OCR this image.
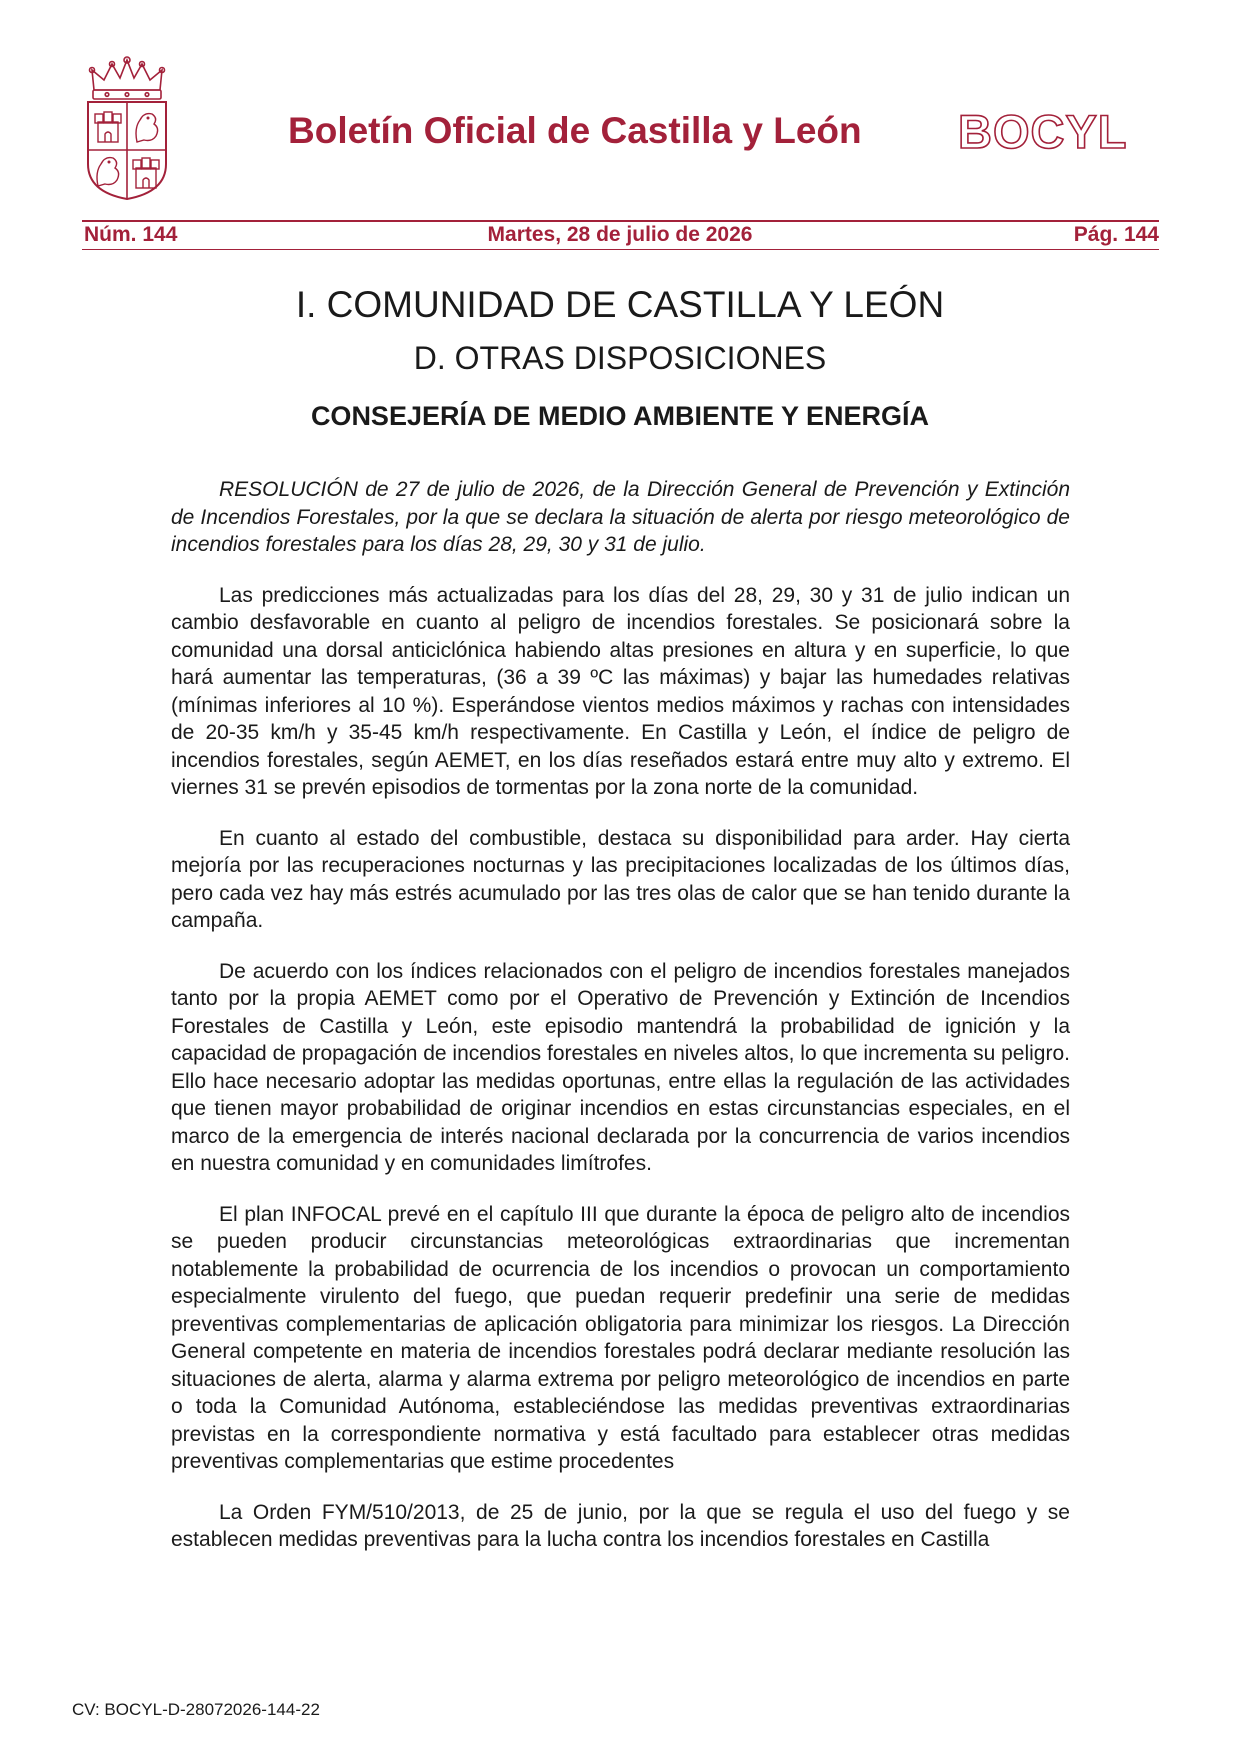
Boletín Oficial de Castilla y León BOCYL
Núm. 144	Martes, 28 de julio de 2026	Pág. 144
I. COMUNIDAD DE CASTILLA Y LEÓN
D. OTRAS DISPOSICIONES
CONSEJERÍA DE MEDIO AMBIENTE Y ENERGÍA

RESOLUCIÓN de 27 de julio de 2026, de la Dirección General de Prevención y Extinción de Incendios Forestales, por la que se declara la situación de alerta por riesgo meteorológico de incendios forestales para los días 28, 29, 30 y 31 de julio.

Las predicciones más actualizadas para los días del 28, 29, 30 y 31 de julio indican un cambio desfavorable en cuanto al peligro de incendios forestales. Se posicionará sobre la comunidad una dorsal anticiclónica habiendo altas presiones en altura y en superficie, lo que hará aumentar las temperaturas, (36 a 39 ºC las máximas) y bajar las humedades relativas (mínimas inferiores al 10 %). Esperándose vientos medios máximos y rachas con intensidades de 20-35 km/h y 35-45 km/h respectivamente. En Castilla y León, el índice de peligro de incendios forestales, según AEMET, en los días reseñados estará entre muy alto y extremo. El viernes 31 se prevén episodios de tormentas por la zona norte de la comunidad.

En cuanto al estado del combustible, destaca su disponibilidad para arder. Hay cierta mejoría por las recuperaciones nocturnas y las precipitaciones localizadas de los últimos días, pero cada vez hay más estrés acumulado por las tres olas de calor que se han tenido durante la campaña.

De acuerdo con los índices relacionados con el peligro de incendios forestales manejados tanto por la propia AEMET como por el Operativo de Prevención y Extinción de Incendios Forestales de Castilla y León, este episodio mantendrá la probabilidad de ignición y la capacidad de propagación de incendios forestales en niveles altos, lo que incrementa su peligro. Ello hace necesario adoptar las medidas oportunas, entre ellas la regulación de las actividades que tienen mayor probabilidad de originar incendios en estas circunstancias especiales, en el marco de la emergencia de interés nacional declarada por la concurrencia de varios incendios en nuestra comunidad y en comunidades limítrofes.

El plan INFOCAL prevé en el capítulo III que durante la época de peligro alto de incendios se pueden producir circunstancias meteorológicas extraordinarias que incrementan notablemente la probabilidad de ocurrencia de los incendios o provocan un comportamiento especialmente virulento del fuego, que puedan requerir predefinir una serie de medidas preventivas complementarias de aplicación obligatoria para minimizar los riesgos. La Dirección General competente en materia de incendios forestales podrá declarar mediante resolución las situaciones de alerta, alarma y alarma extrema por peligro meteorológico de incendios en parte o toda la Comunidad Autónoma, estableciéndose las medidas preventivas extraordinarias previstas en la correspondiente normativa y está facultado para establecer otras medidas preventivas complementarias que estime procedentes

La Orden FYM/510/2013, de 25 de junio, por la que se regula el uso del fuego y se establecen medidas preventivas para la lucha contra los incendios forestales en Castilla

CV: BOCYL-D-28072026-144-22
